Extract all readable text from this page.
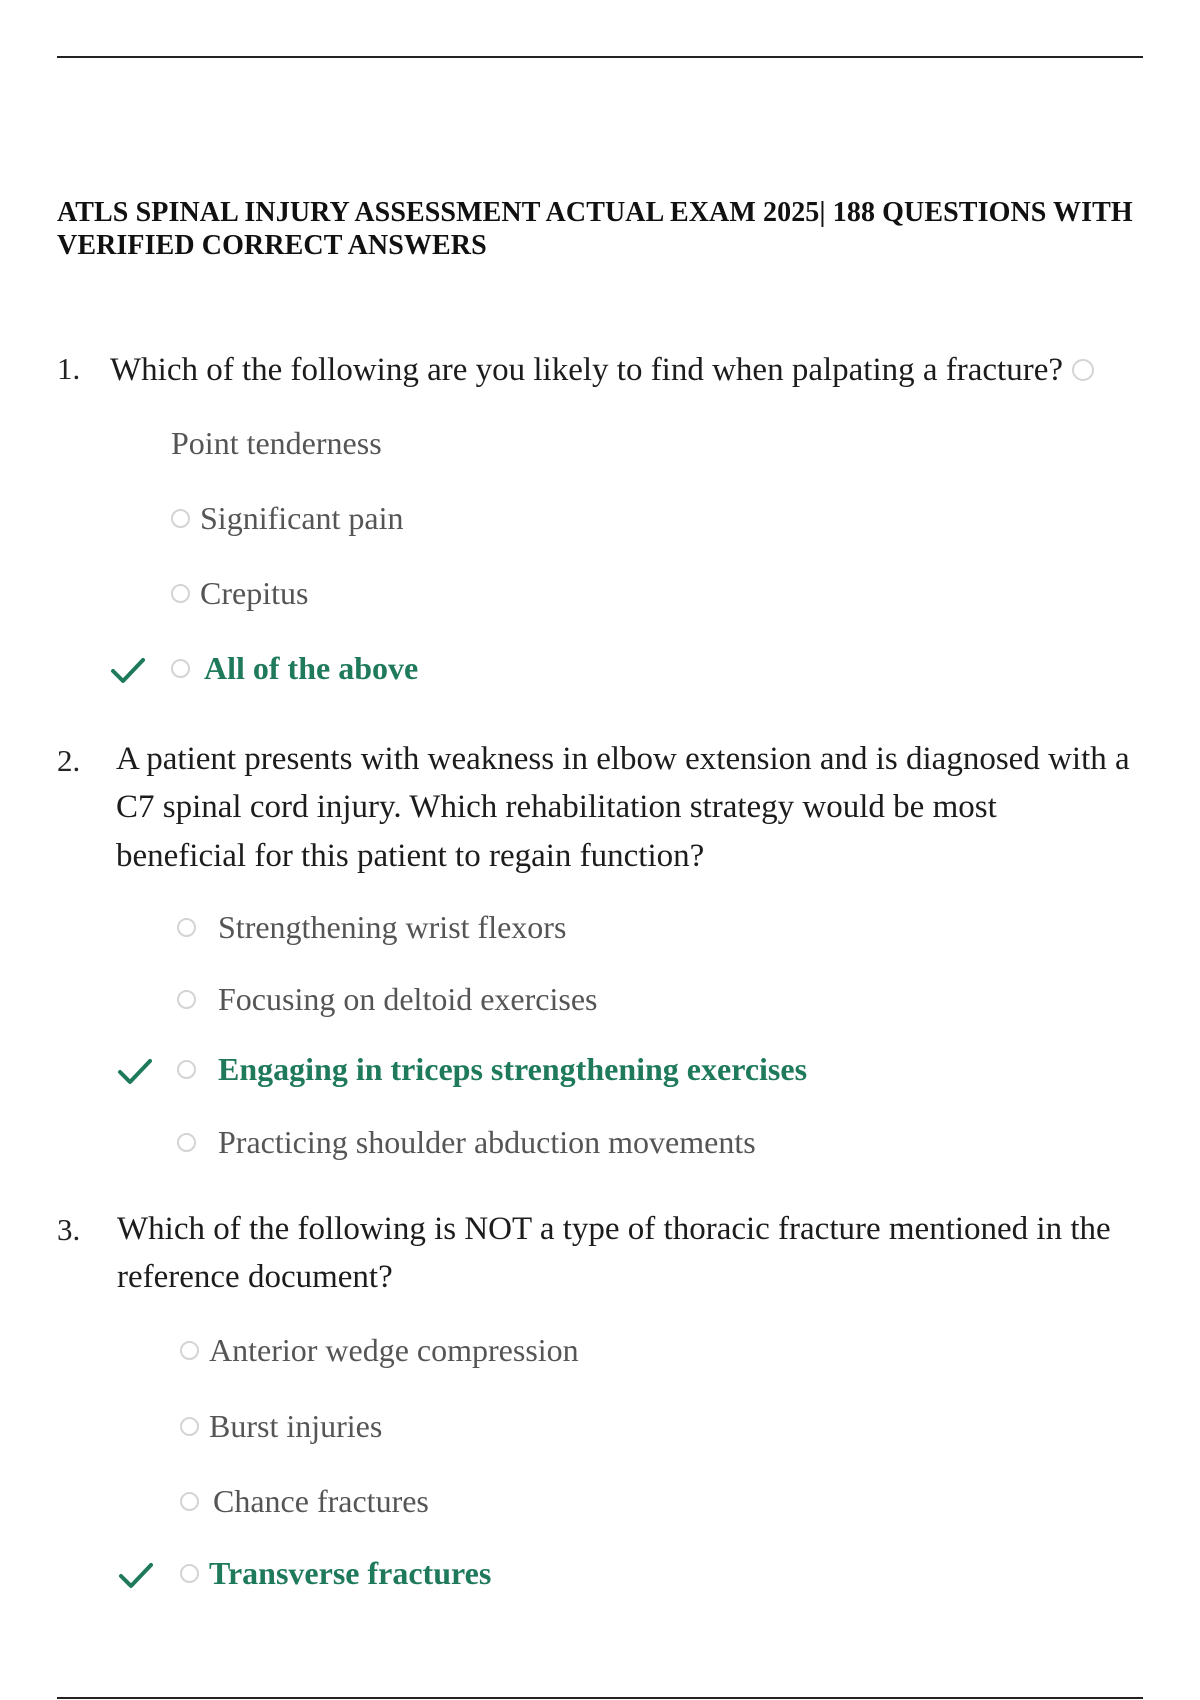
ATLS SPINAL INJURY ASSESSMENT ACTUAL EXAM 2025| 188 QUESTIONS WITH VERIFIED CORRECT ANSWERS
1. Which of the following are you likely to find when palpating a fracture?
Point tenderness
Significant pain
Crepitus
All of the above
2. A patient presents with weakness in elbow extension and is diagnosed with a
C7 spinal cord injury. Which rehabilitation strategy would be most
beneficial for this patient to regain function?
Strengthening wrist flexors
Focusing on deltoid exercises
Engaging in triceps strengthening exercises
Practicing shoulder abduction movements
3. Which of the following is NOT a type of thoracic fracture mentioned in the
reference document?
Anterior wedge compression
Burst injuries
Chance fractures
Transverse fractures
